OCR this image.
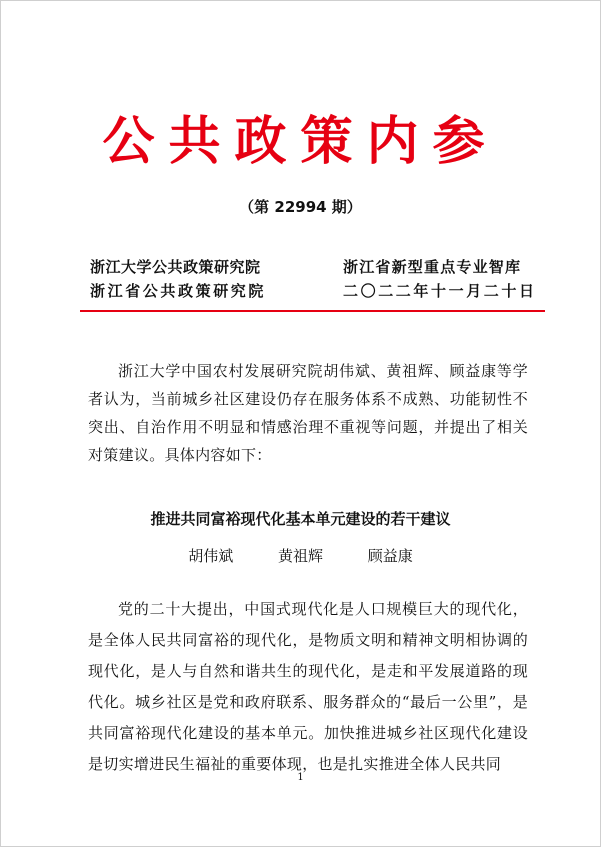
公共政策内参
（第 22994 期）
浙江大学公共政策研究院
浙江省公共政策研究院
浙江省新型重点专业智库
二〇二二年十一月二十日

浙江大学中国农村发展研究院胡伟斌、黄祖辉、顾益康等学者认为，当前城乡社区建设仍存在服务体系不成熟、功能韧性不突出、自治作用不明显和情感治理不重视等问题，并提出了相关对策建议。具体内容如下：

推进共同富裕现代化基本单元建设的若干建议
胡伟斌	黄祖辉	顾益康

党的二十大提出，中国式现代化是人口规模巨大的现代化，是全体人民共同富裕的现代化，是物质文明和精神文明相协调的现代化，是人与自然和谐共生的现代化，是走和平发展道路的现代化。城乡社区是党和政府联系、服务群众的“最后一公里”，是共同富裕现代化建设的基本单元。加快推进城乡社区现代化建设是切实增进民生福祉的重要体现，也是扎实推进全体人民共同

1
